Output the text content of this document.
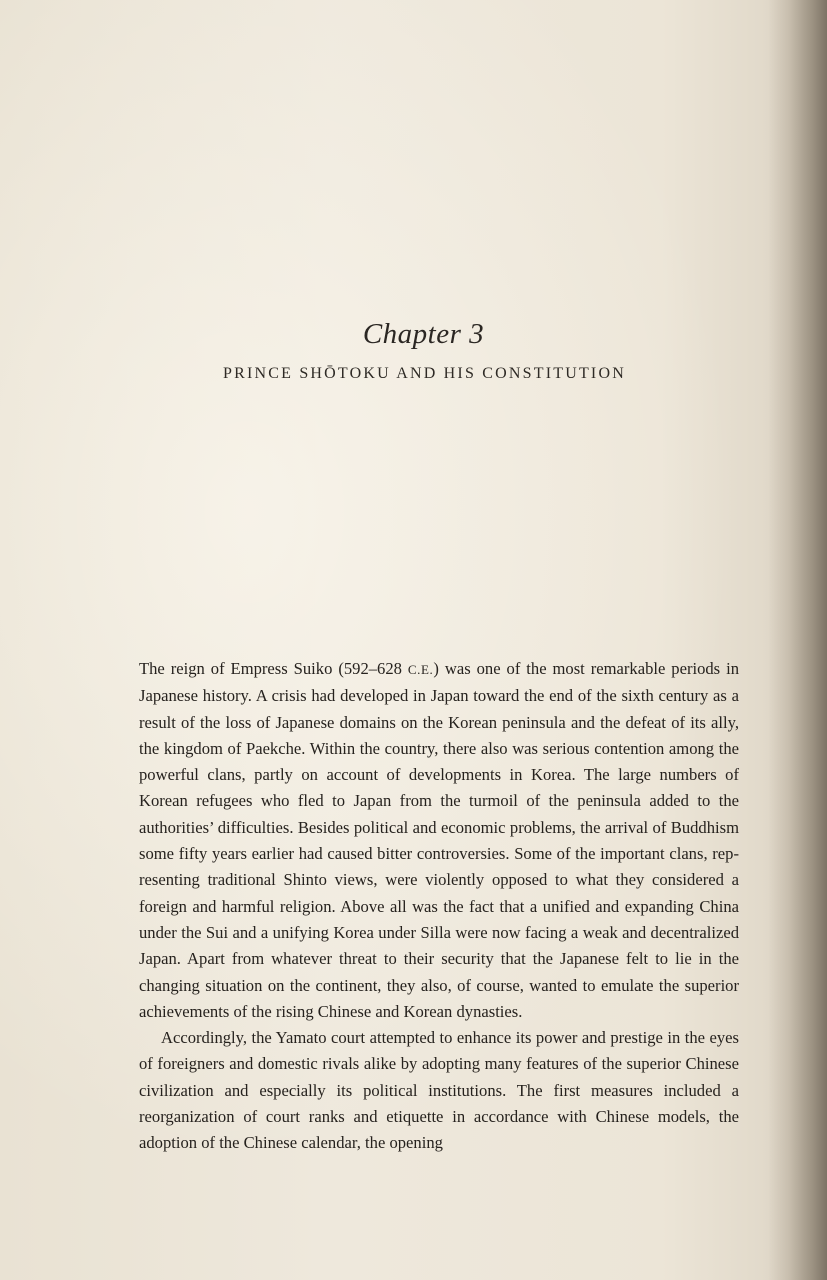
Chapter 3
PRINCE SHŌTOKU AND HIS CONSTITUTION

The reign of Empress Suiko (592–628 C.E.) was one of the most remarkable periods in Japanese history. A crisis had developed in Japan toward the end of the sixth century as a result of the loss of Japanese domains on the Korean peninsula and the defeat of its ally, the kingdom of Paekche. Within the country, there also was serious contention among the powerful clans, partly on account of developments in Korea. The large numbers of Korean refugees who fled to Japan from the turmoil of the peninsula added to the authorities’ difficulties. Besides political and economic problems, the arrival of Buddhism some fifty years earlier had caused bitter controversies. Some of the important clans, representing traditional Shinto views, were violently opposed to what they considered a foreign and harmful religion. Above all was the fact that a unified and expanding China under the Sui and a unifying Korea under Silla were now facing a weak and decentralized Japan. Apart from whatever threat to their security that the Japanese felt to lie in the changing situation on the continent, they also, of course, wanted to emulate the superior achievements of the rising Chinese and Korean dynasties.

Accordingly, the Yamato court attempted to enhance its power and prestige in the eyes of foreigners and domestic rivals alike by adopting many features of the superior Chinese civilization and especially its political institutions. The first measures included a reorganization of court ranks and etiquette in accordance with Chinese models, the adoption of the Chinese calendar, the opening
